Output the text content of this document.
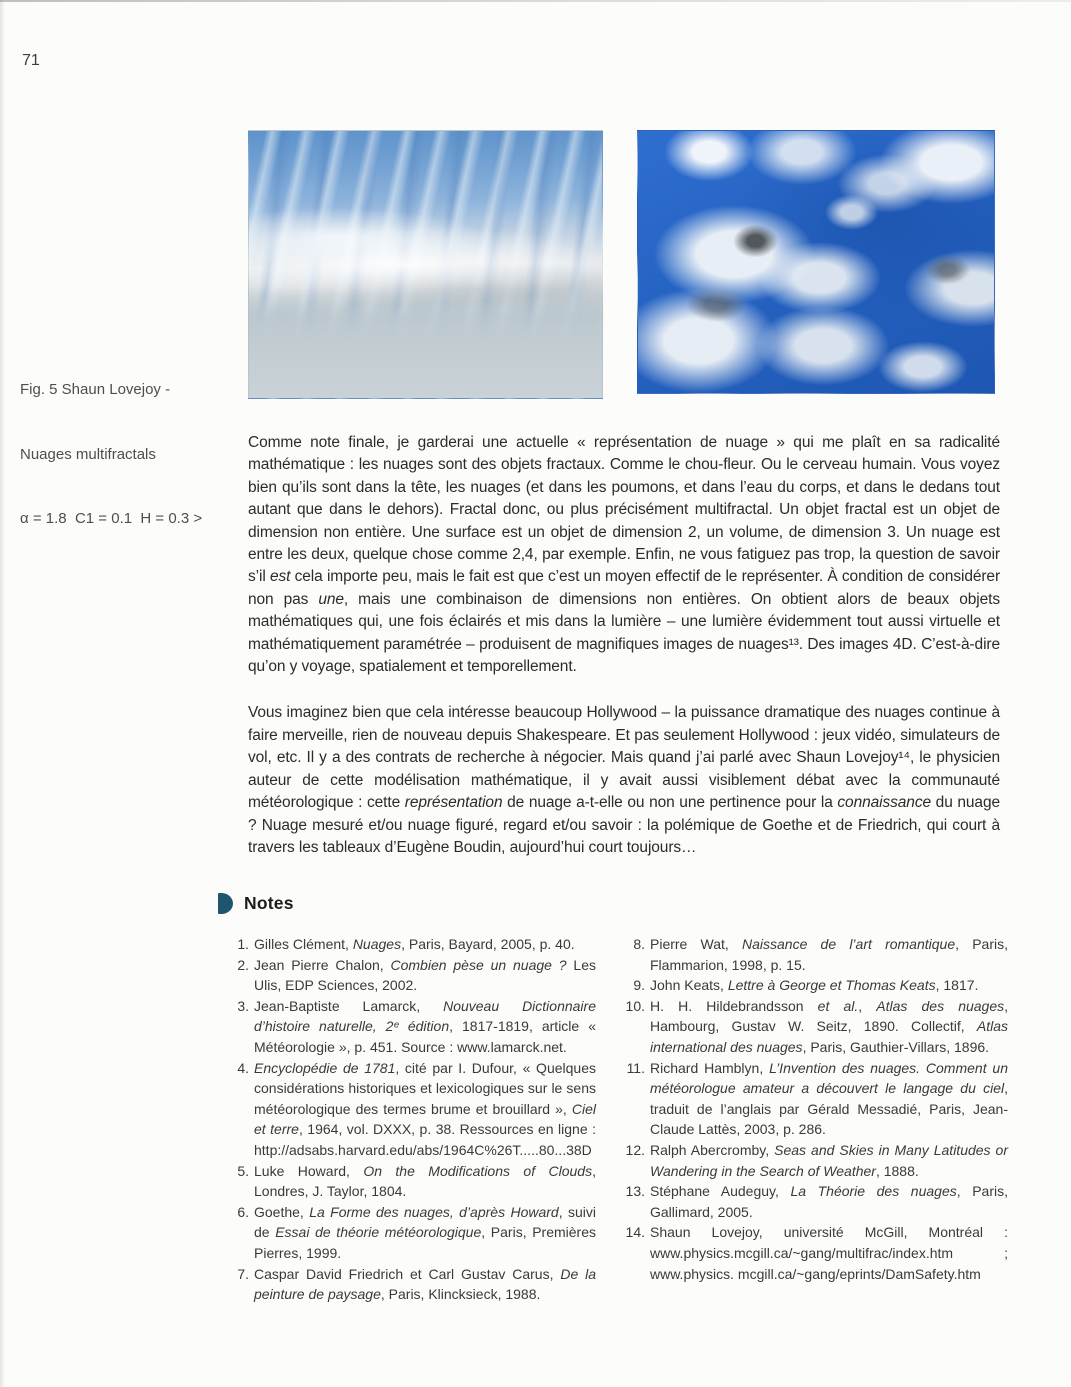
71

Fig. 5 Shaun Lovejoy -

Nuages multifractals

α = 1.8  C1 = 0.1  H = 0.3 >

Comme note finale, je garderai une actuelle « représentation de nuage » qui me plaît en sa radicalité mathématique : les nuages sont des objets fractaux. Comme le chou-fleur. Ou le cerveau humain. Vous voyez bien qu’ils sont dans la tête, les nuages (et dans les poumons, et dans l’eau du corps, et dans le dedans tout autant que dans le dehors). Fractal donc, ou plus précisément multifractal. Un objet fractal est un objet de dimension non entière. Une surface est un objet de dimension 2, un volume, de dimension 3. Un nuage est entre les deux, quelque chose comme 2,4, par exemple. Enfin, ne vous fatiguez pas trop, la question de savoir s’il est cela importe peu, mais le fait est que c’est un moyen effectif de le représenter. À condition de considérer non pas une, mais une combinaison de dimensions non entières. On obtient alors de beaux objets mathématiques qui, une fois éclairés et mis dans la lumière – une lumière évidemment tout aussi virtuelle et mathématiquement paramétrée – produisent de magnifiques images de nuages¹³. Des images 4D. C’est-à-dire qu’on y voyage, spatialement et temporellement.
Vous imaginez bien que cela intéresse beaucoup Hollywood – la puissance dramatique des nuages continue à faire merveille, rien de nouveau depuis Shakespeare. Et pas seulement Hollywood : jeux vidéo, simulateurs de vol, etc. Il y a des contrats de recherche à négocier. Mais quand j’ai parlé avec Shaun Lovejoy¹⁴, le physicien auteur de cette modélisation mathématique, il y avait aussi visiblement débat avec la communauté météorologique : cette représentation de nuage a-t-elle ou non une pertinence pour la connaissance du nuage ? Nuage mesuré et/ou nuage figuré, regard et/ou savoir : la polémique de Goethe et de Friedrich, qui court à travers les tableaux d’Eugène Boudin, aujourd’hui court toujours…
Notes
1. Gilles Clément, Nuages, Paris, Bayard, 2005, p. 40.
2. Jean Pierre Chalon, Combien pèse un nuage ? Les Ulis, EDP Sciences, 2002.
3. Jean-Baptiste Lamarck, Nouveau Dictionnaire d’histoire naturelle, 2ᵉ édition, 1817-1819, article « Météorologie », p. 451. Source : www.lamarck.net.
4. Encyclopédie de 1781, cité par I. Dufour, « Quelques considérations historiques et lexicologiques sur le sens météorologique des termes brume et brouillard », Ciel et terre, 1964, vol. DXXX, p. 38. Ressources en ligne : http://adsabs.harvard.edu/abs/1964C%26T.....80...38D
5. Luke Howard, On the Modifications of Clouds, Londres, J. Taylor, 1804.
6. Goethe, La Forme des nuages, d’après Howard, suivi de Essai de théorie météorologique, Paris, Premières Pierres, 1999.
7. Caspar David Friedrich et Carl Gustav Carus, De la peinture de paysage, Paris, Klincksieck, 1988.
8. Pierre Wat, Naissance de l’art romantique, Paris, Flammarion, 1998, p. 15.
9. John Keats, Lettre à George et Thomas Keats, 1817.
10. H. H. Hildebrandsson et al., Atlas des nuages, Hambourg, Gustav W. Seitz, 1890. Collectif, Atlas international des nuages, Paris, Gauthier-Villars, 1896.
11. Richard Hamblyn, L’Invention des nuages. Comment un météorologue amateur a découvert le langage du ciel, traduit de l’anglais par Gérald Messadié, Paris, Jean-Claude Lattès, 2003, p. 286.
12. Ralph Abercromby, Seas and Skies in Many Latitudes or Wandering in the Search of Weather, 1888.
13. Stéphane Audeguy, La Théorie des nuages, Paris, Gallimard, 2005.
14. Shaun Lovejoy, université McGill, Montréal : www.physics.mcgill.ca/~gang/multifrac/index.htm ; www.physics. mcgill.ca/~gang/eprints/DamSafety.htm
